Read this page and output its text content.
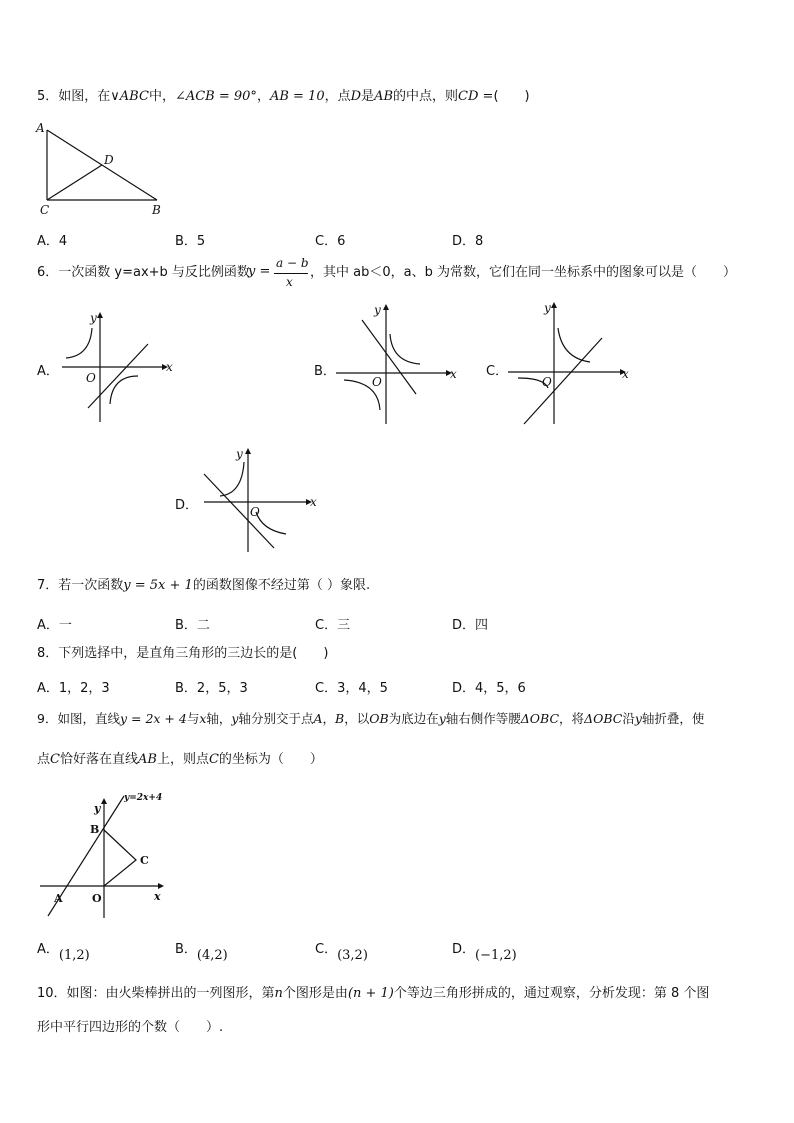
5．如图，在∨ABC中，∠ACB = 90°，AB = 10，点D是AB的中点，则CD =(　　)
A
D
C	B
A．4	B．5	C．6	D．8
6．一次函数 y=ax+b 与反比例函数
y =
a − b
x
，其中 ab＜0，a、b 为常数，它们在同一坐标系中的图象可以是（　　）
A． O
x
y
B．
O
x
y
C．
O
x
y
D．	O
x
y
7．若一次函数y = 5x + 1的函数图像不经过第（ ）象限.
A．一	B．二	C．三	D．四
8．下列选择中，是直角三角形的三边长的是(　　)
A．1，2，3	B．2，5，3	C．3，4，5	D．4，5，6
9．如图，直线y = 2x + 4与x轴，y轴分别交于点A，B，以OB为底边在y轴右侧作等腰ΔOBC，将ΔOBC沿y轴折叠，使
点C恰好落在直线AB上，则点C的坐标为（　　）
y=2x+4
y
B
C
A	O	x
A．(1,2)	B．(4,2)	C．(3,2)	D．(−1,2)
10．如图：由火柴棒拼出的一列图形，第n个图形是由(n + 1)个等边三角形拼成的，通过观察，分析发现：第 8 个图
形中平行四边形的个数（　　）.
